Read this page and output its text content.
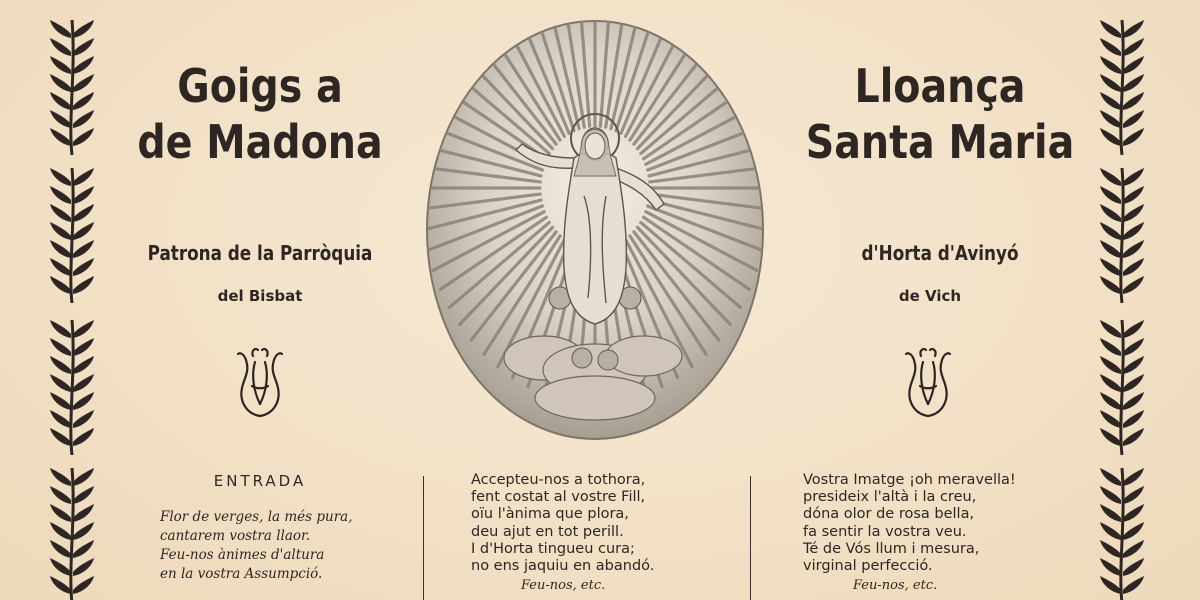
Goigs a
de Madona
Lloança
Santa Maria
Patrona de la Parròquia
del Bisbat
d'Horta d'Avinyó
de Vich
ENTRADA
Flor de verges, la més pura,
cantarem vostra llaor.
Feu-nos ànimes d'altura
en la vostra Assumpció.
Accepteu-nos a tothora,
fent costat al vostre Fill,
oïu l'ànima que plora,
deu ajut en tot perill.
I d'Horta tingueu cura;
no ens jaquiu en abandó.
Feu-nos, etc.
Vostra Imatge ¡oh meravella!
presideix l'altà i la creu,
dóna olor de rosa bella,
fa sentir la vostra veu.
Té de Vós llum i mesura,
virginal perfecció.
Feu-nos, etc.
